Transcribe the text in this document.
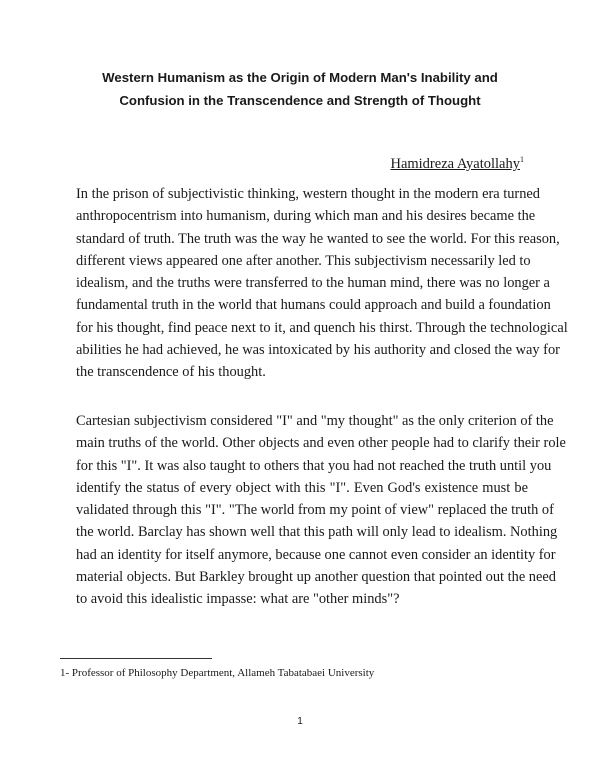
Western Humanism as the Origin of Modern Man's Inability and
Confusion in the Transcendence and Strength of Thought
Hamidreza Ayatollahy$^1$

In the prison of subjectivistic thinking, western thought in the modern era turned
anthropocentrism into humanism, during which man and his desires became the
standard of truth. The truth was the way he wanted to see the world. For this reason,
different views appeared one after another. This subjectivism necessarily led to
idealism, and the truths were transferred to the human mind, there was no longer a
fundamental truth in the world that humans could approach and build a foundation
for his thought, find peace next to it, and quench his thirst. Through the technological
abilities he had achieved, he was intoxicated by his authority and closed the way for
the transcendence of his thought.

Cartesian subjectivism considered "I" and "my thought" as the only criterion of the
main truths of the world. Other objects and even other people had to clarify their role
for this "I". It was also taught to others that you had not reached the truth until you
identify the status of every object with this "I". Even God's existence must be
validated through this "I". "The world from my point of view" replaced the truth of
the world. Barclay has shown well that this path will only lead to idealism. Nothing
had an identity for itself anymore, because one cannot even consider an identity for
material objects. But Barkley brought up another question that pointed out the need
to avoid this idealistic impasse: what are "other minds"?

1- Professor of Philosophy Department, Allameh Tabatabaei University
1
